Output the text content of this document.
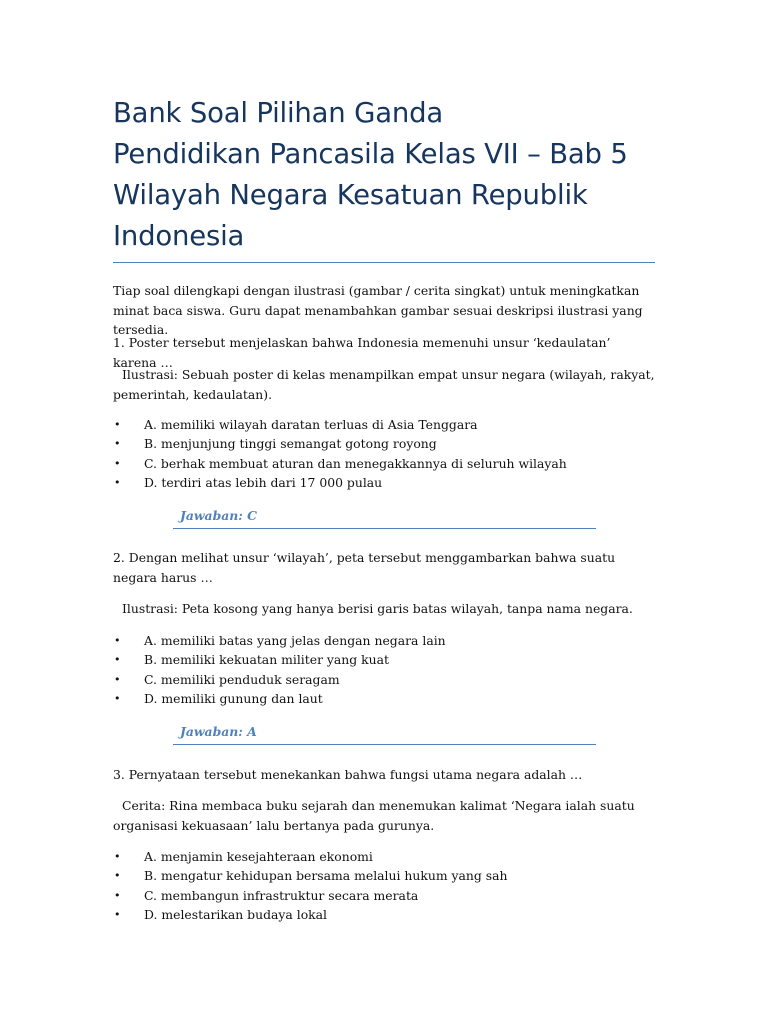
Bank Soal Pilihan Ganda
Pendidikan Pancasila Kelas VII – Bab 5
Wilayah Negara Kesatuan Republik
Indonesia
Tiap soal dilengkapi dengan ilustrasi (gambar / cerita singkat) untuk meningkatkan minat baca siswa. Guru dapat menambahkan gambar sesuai deskripsi ilustrasi yang tersedia.
1. Poster tersebut menjelaskan bahwa Indonesia memenuhi unsur ‘kedaulatan’ karena …
Ilustrasi: Sebuah poster di kelas menampilkan empat unsur negara (wilayah, rakyat, pemerintah, kedaulatan).
• A. memiliki wilayah daratan terluas di Asia Tenggara
• B. menjunjung tinggi semangat gotong royong
• C. berhak membuat aturan dan menegakkannya di seluruh wilayah
• D. terdiri atas lebih dari 17 000 pulau
Jawaban: C
2. Dengan melihat unsur ‘wilayah’, peta tersebut menggambarkan bahwa suatu negara harus …
Ilustrasi: Peta kosong yang hanya berisi garis batas wilayah, tanpa nama negara.
• A. memiliki batas yang jelas dengan negara lain
• B. memiliki kekuatan militer yang kuat
• C. memiliki penduduk seragam
• D. memiliki gunung dan laut
Jawaban: A
3. Pernyataan tersebut menekankan bahwa fungsi utama negara adalah …
Cerita: Rina membaca buku sejarah dan menemukan kalimat ‘Negara ialah suatu organisasi kekuasaan’ lalu bertanya pada gurunya.
• A. menjamin kesejahteraan ekonomi
• B. mengatur kehidupan bersama melalui hukum yang sah
• C. membangun infrastruktur secara merata
• D. melestarikan budaya lokal
